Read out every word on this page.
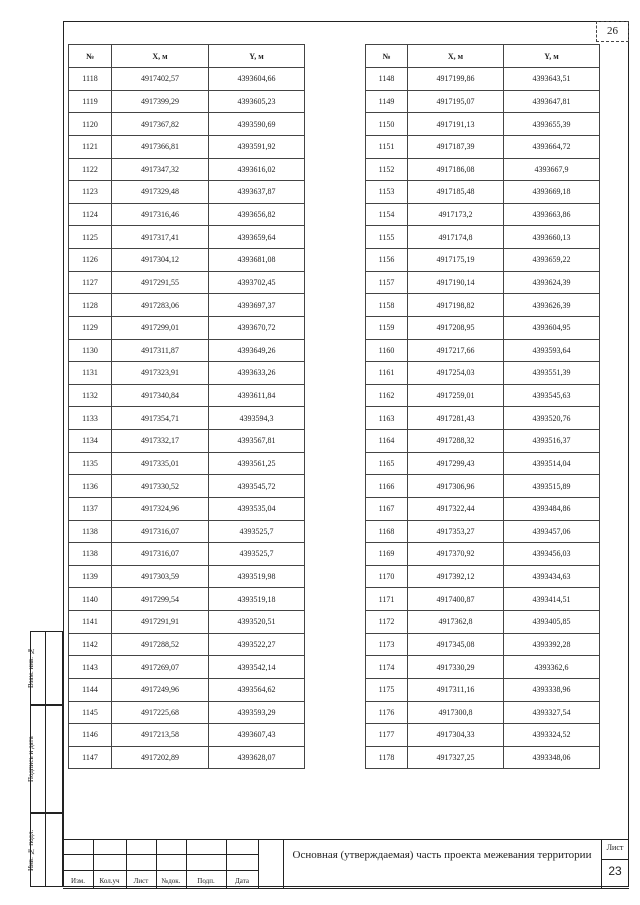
26
№	X, м	Y, м
1118	4917402,57	4393604,66
1119	4917399,29	4393605,23
1120	4917367,82	4393590,69
1121	4917366,81	4393591,92
1122	4917347,32	4393616,02
1123	4917329,48	4393637,87
1124	4917316,46	4393656,82
1125	4917317,41	4393659,64
1126	4917304,12	4393681,08
1127	4917291,55	4393702,45
1128	4917283,06	4393697,37
1129	4917299,01	4393670,72
1130	4917311,87	4393649,26
1131	4917323,91	4393633,26
1132	4917340,84	4393611,84
1133	4917354,71	4393594,3
1134	4917332,17	4393567,81
1135	4917335,01	4393561,25
1136	4917330,52	4393545,72
1137	4917324,96	4393535,04
1138	4917316,07	4393525,7
1138	4917316,07	4393525,7
1139	4917303,59	4393519,98
1140	4917299,54	4393519,18
1141	4917291,91	4393520,51
1142	4917288,52	4393522,27
1143	4917269,07	4393542,14
1144	4917249,96	4393564,62
1145	4917225,68	4393593,29
1146	4917213,58	4393607,43
1147	4917202,89	4393628,07
№	X, м	Y, м
1148	4917199,86	4393643,51
1149	4917195,07	4393647,81
1150	4917191,13	4393655,39
1151	4917187,39	4393664,72
1152	4917186,08	4393667,9
1153	4917185,48	4393669,18
1154	4917173,2	4393663,86
1155	4917174,8	4393660,13
1156	4917175,19	4393659,22
1157	4917190,14	4393624,39
1158	4917198,82	4393626,39
1159	4917208,95	4393604,95
1160	4917217,66	4393593,64
1161	4917254,03	4393551,39
1162	4917259,01	4393545,63
1163	4917281,43	4393520,76
1164	4917288,32	4393516,37
1165	4917299,43	4393514,04
1166	4917306,96	4393515,89
1167	4917322,44	4393484,86
1168	4917353,27	4393457,06
1169	4917370,92	4393456,03
1170	4917392,12	4393434,63
1171	4917400,87	4393414,51
1172	4917362,8	4393405,85
1173	4917345,08	4393392,28
1174	4917330,29	4393362,6
1175	4917311,16	4393338,96
1176	4917300,8	4393327,54
1177	4917304,33	4393324,52
1178	4917327,25	4393348,06
Взам. инв. №
Подпись и дата
Инв. № подл.
Изм.	Кол.уч	Лист	№док.	Подп.	Дата
Основная (утверждаемая) часть проекта межевания территории
Лист
23
